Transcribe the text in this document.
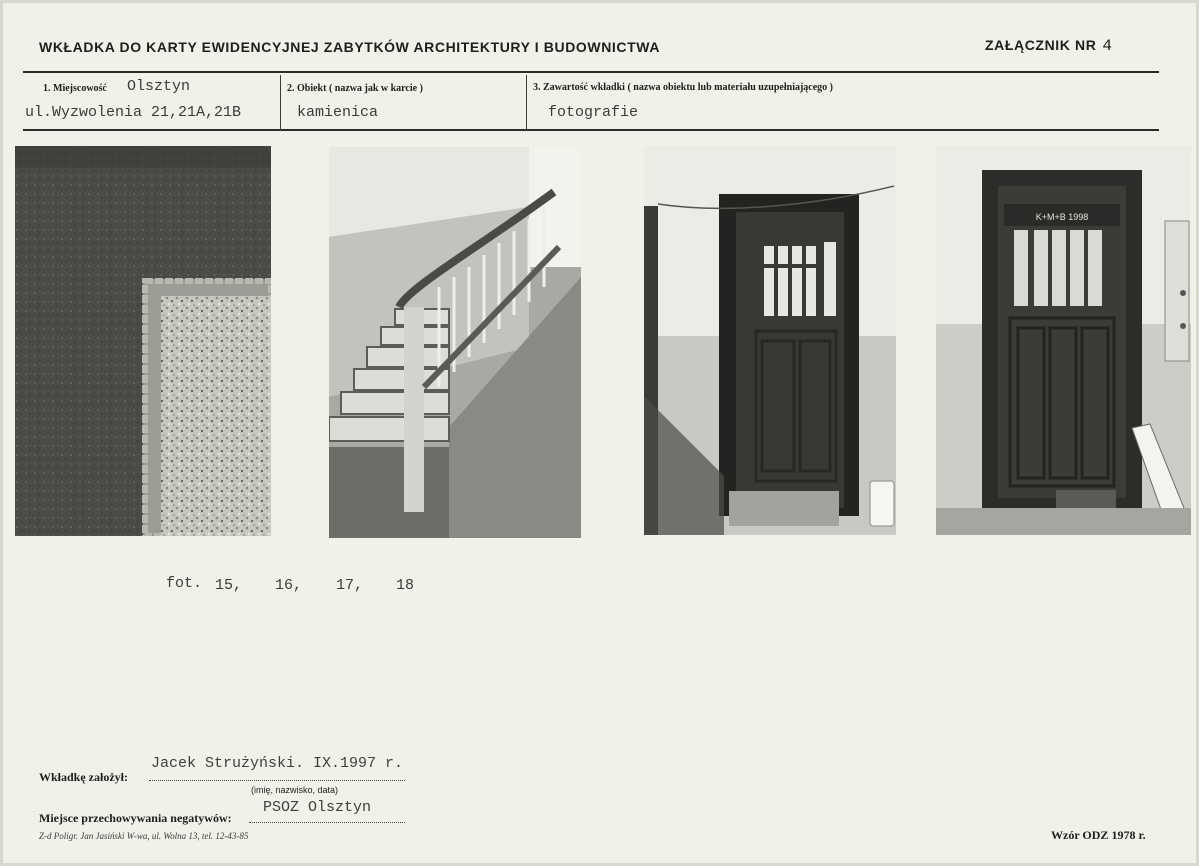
WKŁADKA DO KARTY EWIDENCYJNEJ ZABYTKÓW ARCHITEKTURY I BUDOWNICTWA	ZAŁĄCZNIK NR 4
1. Miejscowość Olsztyn
ul.Wyzwolenia 21,21A,21B
2. Obiekt ( nazwa jak w karcie )
kamienica
3. Zawartość wkładki ( nazwa obiektu lub materiału uzupełniającego )
fotografie
K+M+B 1998
fot. 15, 16, 17, 18
Wkładkę założył:
Jacek Strużyński. IX.1997 r.
(imię, nazwisko, data)
Miejsce przechowywania negatywów:
PSOZ Olsztyn
Z-d Poligr. Jan Jasiński W-wa, ul. Wolna 13, tel. 12-43-85	Wzór ODZ 1978 r.
